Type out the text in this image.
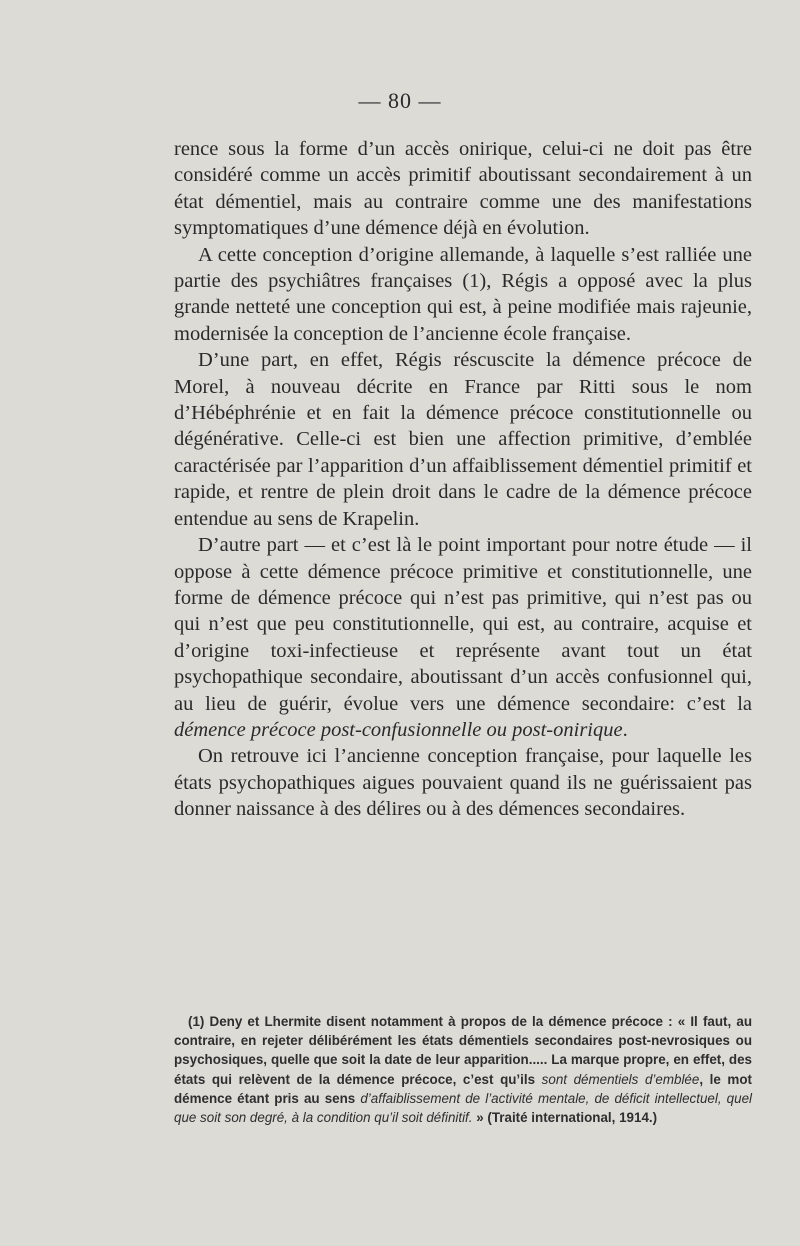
— 80 —

rence sous la forme d’un accès onirique, celui-ci ne doit pas être considéré comme un accès primitif aboutissant secondairement à un état démentiel, mais au contraire comme une des manifestations symptomatiques d’une démence déjà en évolution.

A cette conception d’origine allemande, à laquelle s’est ralliée une partie des psychiâtres françaises (1), Régis a opposé avec la plus grande netteté une conception qui est, à peine modifiée mais rajeunie, modernisée la conception de l’ancienne école française.

D’une part, en effet, Régis réscuscite la démence précoce de Morel, à nouveau décrite en France par Ritti sous le nom d’Hébéphrénie et en fait la démence précoce constitutionnelle ou dégénérative. Celle-ci est bien une affection primitive, d’emblée caractérisée par l’apparition d’un affaiblissement démentiel primitif et rapide, et rentre de plein droit dans le cadre de la démence précoce entendue au sens de Krapelin.

D’autre part — et c’est là le point important pour notre étude — il oppose à cette démence précoce primitive et constitutionnelle, une forme de démence précoce qui n’est pas primitive, qui n’est pas ou qui n’est que peu constitutionnelle, qui est, au contraire, acquise et d’origine toxi-infectieuse et représente avant tout un état psychopathique secondaire, aboutissant d’un accès confusionnel qui, au lieu de guérir, évolue vers une démence secondaire: c’est la démence précoce post-confusionnelle ou post-onirique.

On retrouve ici l’ancienne conception française, pour laquelle les états psychopathiques aigues pouvaient quand ils ne guérissaient pas donner naissance à des délires ou à des démences secondaires.

(1) Deny et Lhermite disent notamment à propos de la démence précoce : « Il faut, au contraire, en rejeter délibérément les états démentiels secondaires post-nevrosiques ou psychosiques, quelle que soit la date de leur apparition..... La marque propre, en effet, des états qui relèvent de la démence précoce, c’est qu’ils sont démentiels d’emblée, le mot démence étant pris au sens d’affaiblissement de l’activité mentale, de déficit intellectuel, quel que soit son degré, à la condition qu’il soit définitif. » (Traité international, 1914.)
